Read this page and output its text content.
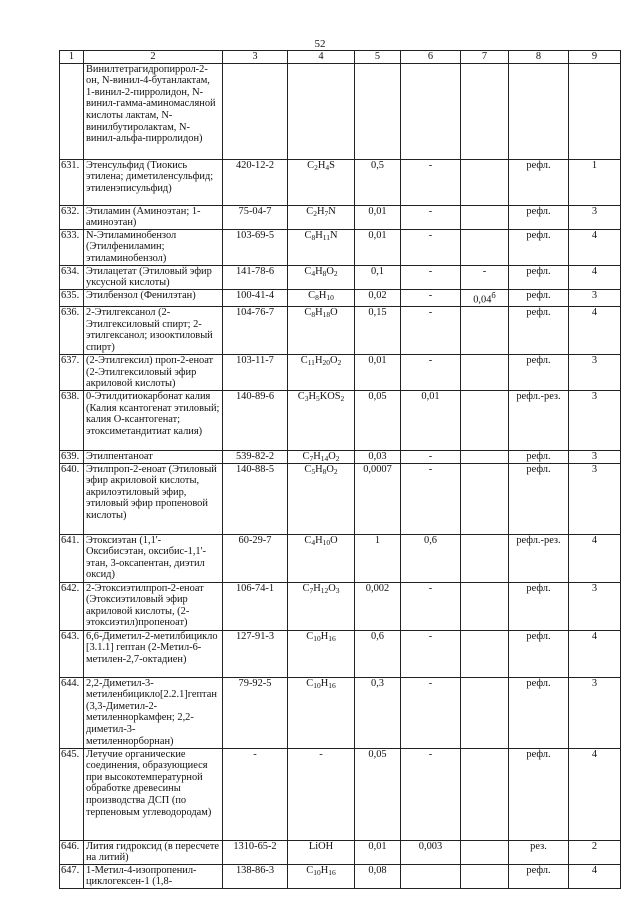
52
1	2	3	4	5	6	7	8	9
	Винилтетрагидропиррол-2-он, N-винил-4-бутанлактам, 1-винил-2-пирролидон, N-винил-гамма-аминомасляной кислоты лактам, N-винилбутиролактам, N-винил-альфа-пирролидон)							
631.	Этенсульфид (Тиокись этилена; диметиленсульфид; этиленэписульфид)	420-12-2	$C_2H_4S$	0,5	-		рефл.	1
632.	Этиламин (Аминоэтан; 1-аминоэтан)	75-04-7	$C_2H_7N$	0,01	-		рефл.	3
633.	N-Этиламинобензол (Этилфениламин; этиламинобензол)	103-69-5	$C_8H_{11}N$	0,01	-		рефл.	4
634.	Этилацетат (Этиловый эфир уксусной кислоты)	141-78-6	$C_4H_8O_2$	0,1	-	-	рефл.	4
635.	Этилбензол (Фенилэтан)	100-41-4	$C_8H_{10}$	0,02	-	$0,04^б$	рефл.	3
636.	2-Этилгексанол (2-Этилгексиловый спирт; 2-этилгексанол; изооктиловый спирт)	104-76-7	$C_8H_{18}O$	0,15	-		рефл.	4
637.	(2-Этилгексил) проп-2-еноат (2-Этилгексиловый эфир акриловой кислоты)	103-11-7	$C_{11}H_{20}O_2$	0,01	-		рефл.	3
638.	0-Этилдитиокарбонат калия (Калия ксантогенат этиловый; калия О-ксантогенат; этоксиметандитиат калия)	140-89-6	$C_3H_5KOS_2$	0,05	0,01		рефл.-рез.	3
639.	Этилпентаноат	539-82-2	$C_7H_{14}O_2$	0,03	-		рефл.	3
640.	Этилпроп-2-еноат (Этиловый эфир акриловой кислоты, акрилоэтиловый эфир, этиловый эфир пропеновой кислоты)	140-88-5	$C_5H_8O_2$	0,0007	-		рефл.	3
641.	Этоксиэтан (1,1'-Оксибисэтан, оксибис-1,1'-этан, 3-оксапентан, диэтил оксид)	60-29-7	$C_4H_{10}O$	1	0,6		рефл.-рез.	4
642.	2-Этоксиэтилпроп-2-еноат (Этоксиэтиловый эфир акриловой кислоты, (2-этоксиэтил)пропеноат)	106-74-1	$C_7H_{12}O_3$	0,002	-		рефл.	3
643.	6,6-Диметил-2-метилбицикло [3.1.1] гептан (2-Метил-6-метилен-2,7-октадиен)	127-91-3	$C_{10}H_{16}$	0,6	-		рефл.	4
644.	2,2-Диметил-3-метиленбицикло[2.2.1]гептан (3,3-Диметил-2-метиленнорkамфен; 2,2-диметил-3-метиленнорборнан)	79-92-5	$C_{10}H_{16}$	0,3	-		рефл.	3
645.	Летучие органические соединения, образующиеся при высокотемпературной обработке древесины производства ДСП (по терпеновым углеводородам)	-	-	0,05	-		рефл.	4
646.	Лития гидроксид (в пересчете на литий)	1310-65-2	LiOH	0,01	0,003		рез.	2
647.	1-Метил-4-изопропенил-циклогексен-1 (1,8-	138-86-3	$C_{10}H_{16}$	0,08			рефл.	4
